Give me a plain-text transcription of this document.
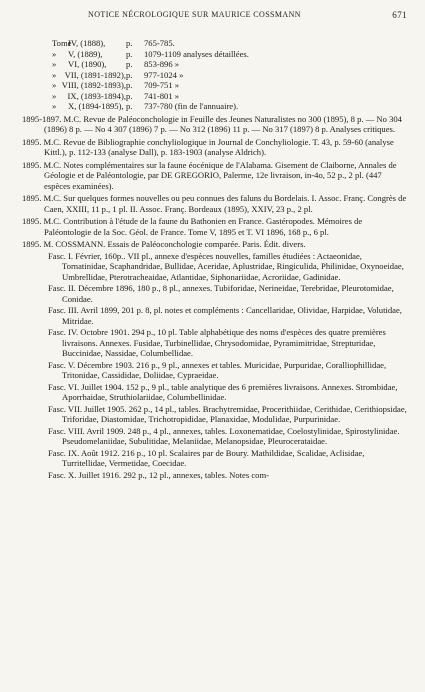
NOTICE NÉCROLOGIQUE SUR MAURICE COSSMANN	671
Tome
IV, (1888), p.	765-785.
»	V, (1889),	p.	1079-1109 analyses détaillées.
»	VI, (1890), p.	853-896 »
» VII, (1891-1892), p.	977-1024 »
» VIII, (1892-1893), p.	709-751 »
»	IX, (1893-1894), p.	741-801 »
»	X, (1894-1895), p.	737-780 (fin de l'annuaire).
1895-1897. M.C. Revue de Paléoconchologie in Feuille des Jeunes Naturalistes no 300 (1895), 8 p. — No 304 (1896) 8 p. — No 4 307 (1896) 7 p. — No 312 (1896) 11 p. — No 317 (1897) 8 p. Analyses critiques.
1895. M.C. Revue de Bibliographie conchyliologique in Journal de Conchyliologie. T. 43, p. 59-60 (analyse Kittl.), p. 112-133 (analyse Dall), p. 183-1903 (analyse Aldrich).
1895. M.C. Notes complémentaires sur la faune éocénique de l'Alabama. Gisement de Claiborne, Annales de Géologie et de Paléontologie, par DE GREGORIO, Palerme, 12e livraison, in-4o, 52 p., 2 pl. (447 espèces examinées).
1895. M.C. Sur quelques formes nouvelles ou peu connues des faluns du Bordelais. I. Assoc. Franç. Congrès de Caen, XXIII, 11 p., 1 pl. II. Assoc. Franç. Bordeaux (1895), XXIV, 23 p., 2 pl.
1895. M.C. Contribution à l'étude de la faune du Bathonien en France. Gastéropodes. Mémoires de Paléontologie de la Soc. Géol. de France. Tome V, 1895 et T. VI 1896, 168 p., 6 pl.
1895. M. COSSMANN. Essais de Paléoconchologie comparée. Paris. Édit. divers.
Fasc. I. Février, 160p.. VII pl., annexe d'espèces nouvelles, familles étudiées : Actaeonidae, Tornatinidae, Scaphandridae, Bullidae, Aceridae, Aplustridae, Ringiculida, Philinidae, Oxynoeidae, Umbrellidae, Pterotracheaidae, Atlantidae, Siphonariidae, Acroriidae, Gadinidae.
Fasc. II. Décembre 1896, 180 p., 8 pl., annexes. Tubiforidae, Nerineidae, Terebridae, Pleurotomidae, Conidae.
Fasc. III. Avril 1899, 201 p. 8, pl. notes et compléments : Cancellaridae, Olividae, Harpidae, Volutidae, Mitridae.
Fasc. IV. Octobre 1901. 294 p., 10 pl. Table alphabétique des noms d'espèces des quatre premières livraisons. Annexes. Fusidae, Turbinellidae, Chrysodomidae, Pyramimitridae, Strepturidae, Buccinidae, Nassidae, Columbellidae.
Fasc. V. Décembre 1903. 216 p., 9 pl., annexes et tables. Muricidae, Purpuridae, Coralliophillidae, Tritonidae, Cassididae, Doliidae, Cypraeidae.
Fasc. VI. Juillet 1904. 152 p., 9 pl., table analytique des 6 premières livraisons. Annexes. Strombidae, Aporrhaidae, Struthiolariidae, Columbellinidae.
Fasc. VII. Juillet 1905. 262 p., 14 pl., tables. Brachytremidae, Procerithiidae, Cerithidae, Cerithiopsidae, Triforidae, Diastomidae, Trichotropididae, Planaxidae, Modulidae, Purpurinidae.
Fasc. VIII. Avril 1909. 248 p., 4 pl., annexes, tables. Loxonematidae, Coelostylinidae, Spirostylinidae. Pseudomelaniidae, Subulitidae, Melaniidae, Melanopsidae, Pleurocerataidae.
Fasc. IX. Août 1912. 216 p., 10 pl. Scalaires par de Boury. Mathildidae, Scalidae, Aclisidae, Turritellidae, Vermetidae, Coecidae.
Fasc. X. Juillet 1916. 292 p., 12 pl., annexes, tables. Notes com-
